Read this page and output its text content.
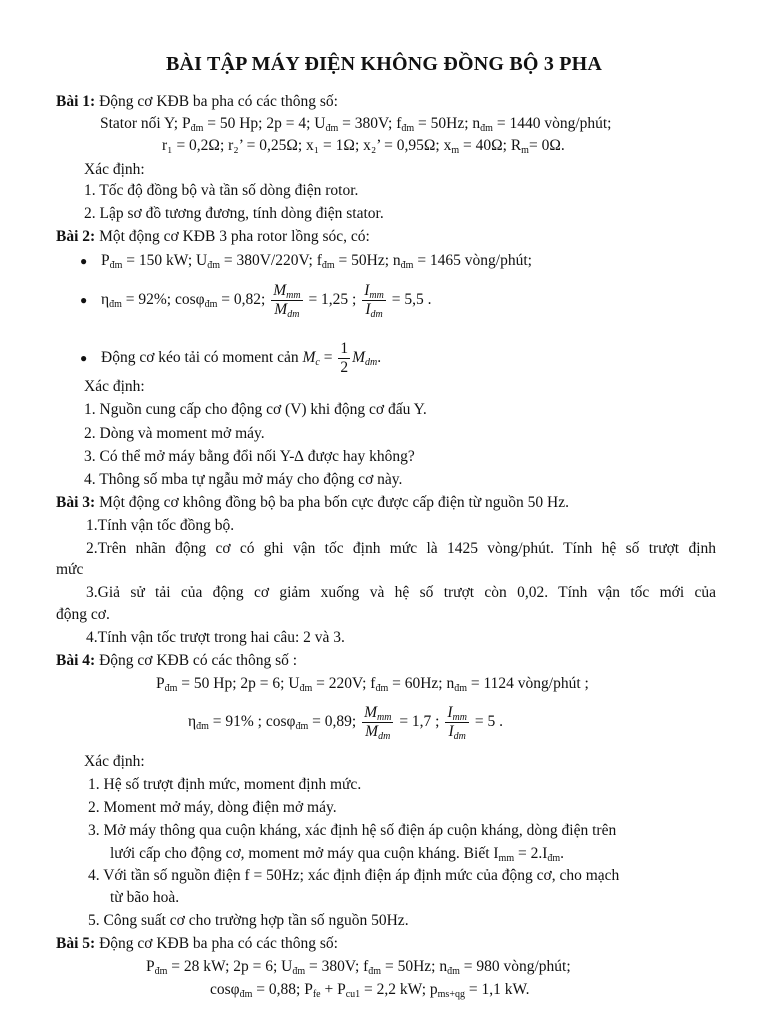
BÀI TẬP MÁY ĐIỆN KHÔNG ĐỒNG BỘ 3 PHA
Bài 1: Động cơ KĐB ba pha có các thông số:
Stator nối Y; $P_{đm} = 50$ Hp; 2p = 4; $U_{đm} = 380V$; $f_{đm} = 50Hz$; $n_{đm} = 1440$ vòng/phút;
r₁ = 0,2Ω; r₂’ = 0,25Ω; x₁ = 1Ω; x₂’ = 0,95Ω; $x_m = 40\Omega$; $R_m= 0\Omega$.
Xác định:
1. Tốc độ đồng bộ và tần số dòng điện rotor.
2. Lập sơ đồ tương đương, tính dòng điện stator.
Bài 2: Một động cơ KĐB 3 pha rotor lồng sóc, có:
● $P_{đm} = 150$ kW; $U_{đm} = 380V/220V$; $f_{đm} = 50Hz$; $n_{đm} = 1465$ vòng/phút;
● $\eta_{đm} = 92\%$; cosφ$_{đm}$ = 0,82;
$M_{mm}$
$M_{dm}$
= 1,25 ;
$I_{mm}$
$I_{dm}$
= 5,5 .
● Động cơ kéo tải có moment cản $M_c = \frac{1}{2} M_{dm}$.
Xác định:
1. Nguồn cung cấp cho động cơ (V) khi động cơ đấu Y.
2. Dòng và moment mở máy.
3. Có thể mở máy bằng đổi nối Y-∆ được hay không?
4. Thông số mba tự ngẫu mở máy cho động cơ này.
Bài 3: Một động cơ không đồng bộ ba pha bốn cực được cấp điện từ nguồn 50 Hz.
1.Tính vận tốc đồng bộ.
2.Trên nhãn động cơ có ghi vận tốc định mức là 1425 vòng/phút. Tính hệ số trượt định
mức
3.Giả sử tải của động cơ giảm xuống và hệ số trượt còn 0,02. Tính vận tốc mới của
động cơ.
4.Tính vận tốc trượt trong hai câu: 2 và 3.
Bài 4: Động cơ KĐB có các thông số :
$P_{đm} = 50$ Hp; 2p = 6; $U_{đm} = 220V$; $f_{đm} = 60Hz$; $n_{đm} = 1124$ vòng/phút ;
$\eta_{đm} = 91\%$ ; cosφ$_{đm}$ = 0,89;
$M_{mm}$
$M_{dm}$
= 1,7 ;
$I_{mm}$
$I_{dm}$
= 5 .
Xác định:
1. Hệ số trượt định mức, moment định mức.
2. Moment mở máy, dòng điện mở máy.
3. Mở máy thông qua cuộn kháng, xác định hệ số điện áp cuộn kháng, dòng điện trên
lưới cấp cho động cơ, moment mở máy qua cuộn kháng. Biết $I_{mm} = 2.I_{đm}$.
4. Với tần số nguồn điện f = 50Hz; xác định điện áp định mức của động cơ, cho mạch
từ bão hoà.
5. Công suất cơ cho trường hợp tần số nguồn 50Hz.
Bài 5: Động cơ KĐB ba pha có các thông số:
$P_{đm} = 28$ kW; 2p = 6; $U_{đm} = 380V$; $f_{đm} = 50Hz$; $n_{đm} = 980$ vòng/phút;
cosφ$_{đm}$ = 0,88; $P_{fe} + P_{cu1} = 2,2$ kW; $p_{ms+qg} = 1,1$ kW.
